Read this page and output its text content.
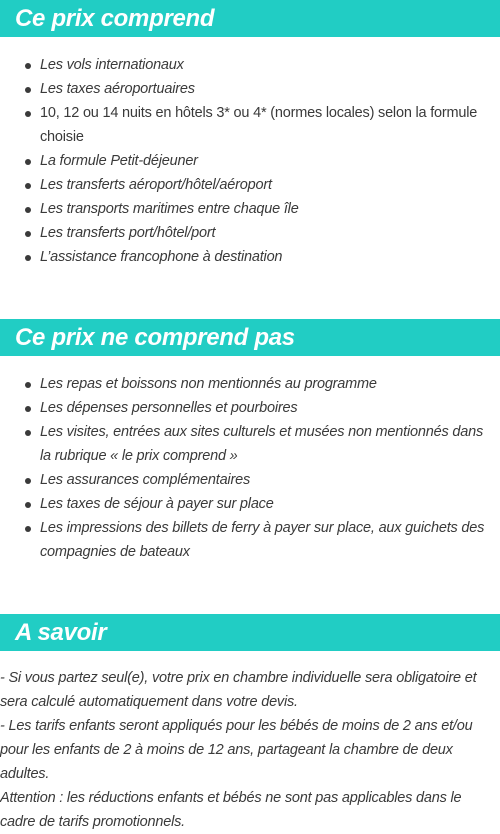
Ce prix comprend
Les vols internationaux
Les taxes aéroportuaires
10, 12 ou 14 nuits en hôtels 3* ou 4* (normes locales) selon la formule choisie
La formule Petit-déjeuner
Les transferts aéroport/hôtel/aéroport
Les transports maritimes entre chaque île
Les transferts port/hôtel/port
L’assistance francophone à destination
Ce prix ne comprend pas
Les repas et boissons non mentionnés au programme
Les dépenses personnelles et pourboires
Les visites, entrées aux sites culturels et musées non mentionnés dans la rubrique « le prix comprend »
Les assurances complémentaires
Les taxes de séjour à payer sur place
Les impressions des billets de ferry à payer sur place, aux guichets des compagnies de bateaux
A savoir

- Si vous partez seul(e), votre prix en chambre individuelle sera obligatoire et sera calculé automatiquement dans votre devis.

- Les tarifs enfants seront appliqués pour les bébés de moins de 2 ans et/ou pour les enfants de 2 à moins de 12 ans, partageant la chambre de deux adultes.

Attention : les réductions enfants et bébés ne sont pas applicables dans le cadre de tarifs promotionnels.
